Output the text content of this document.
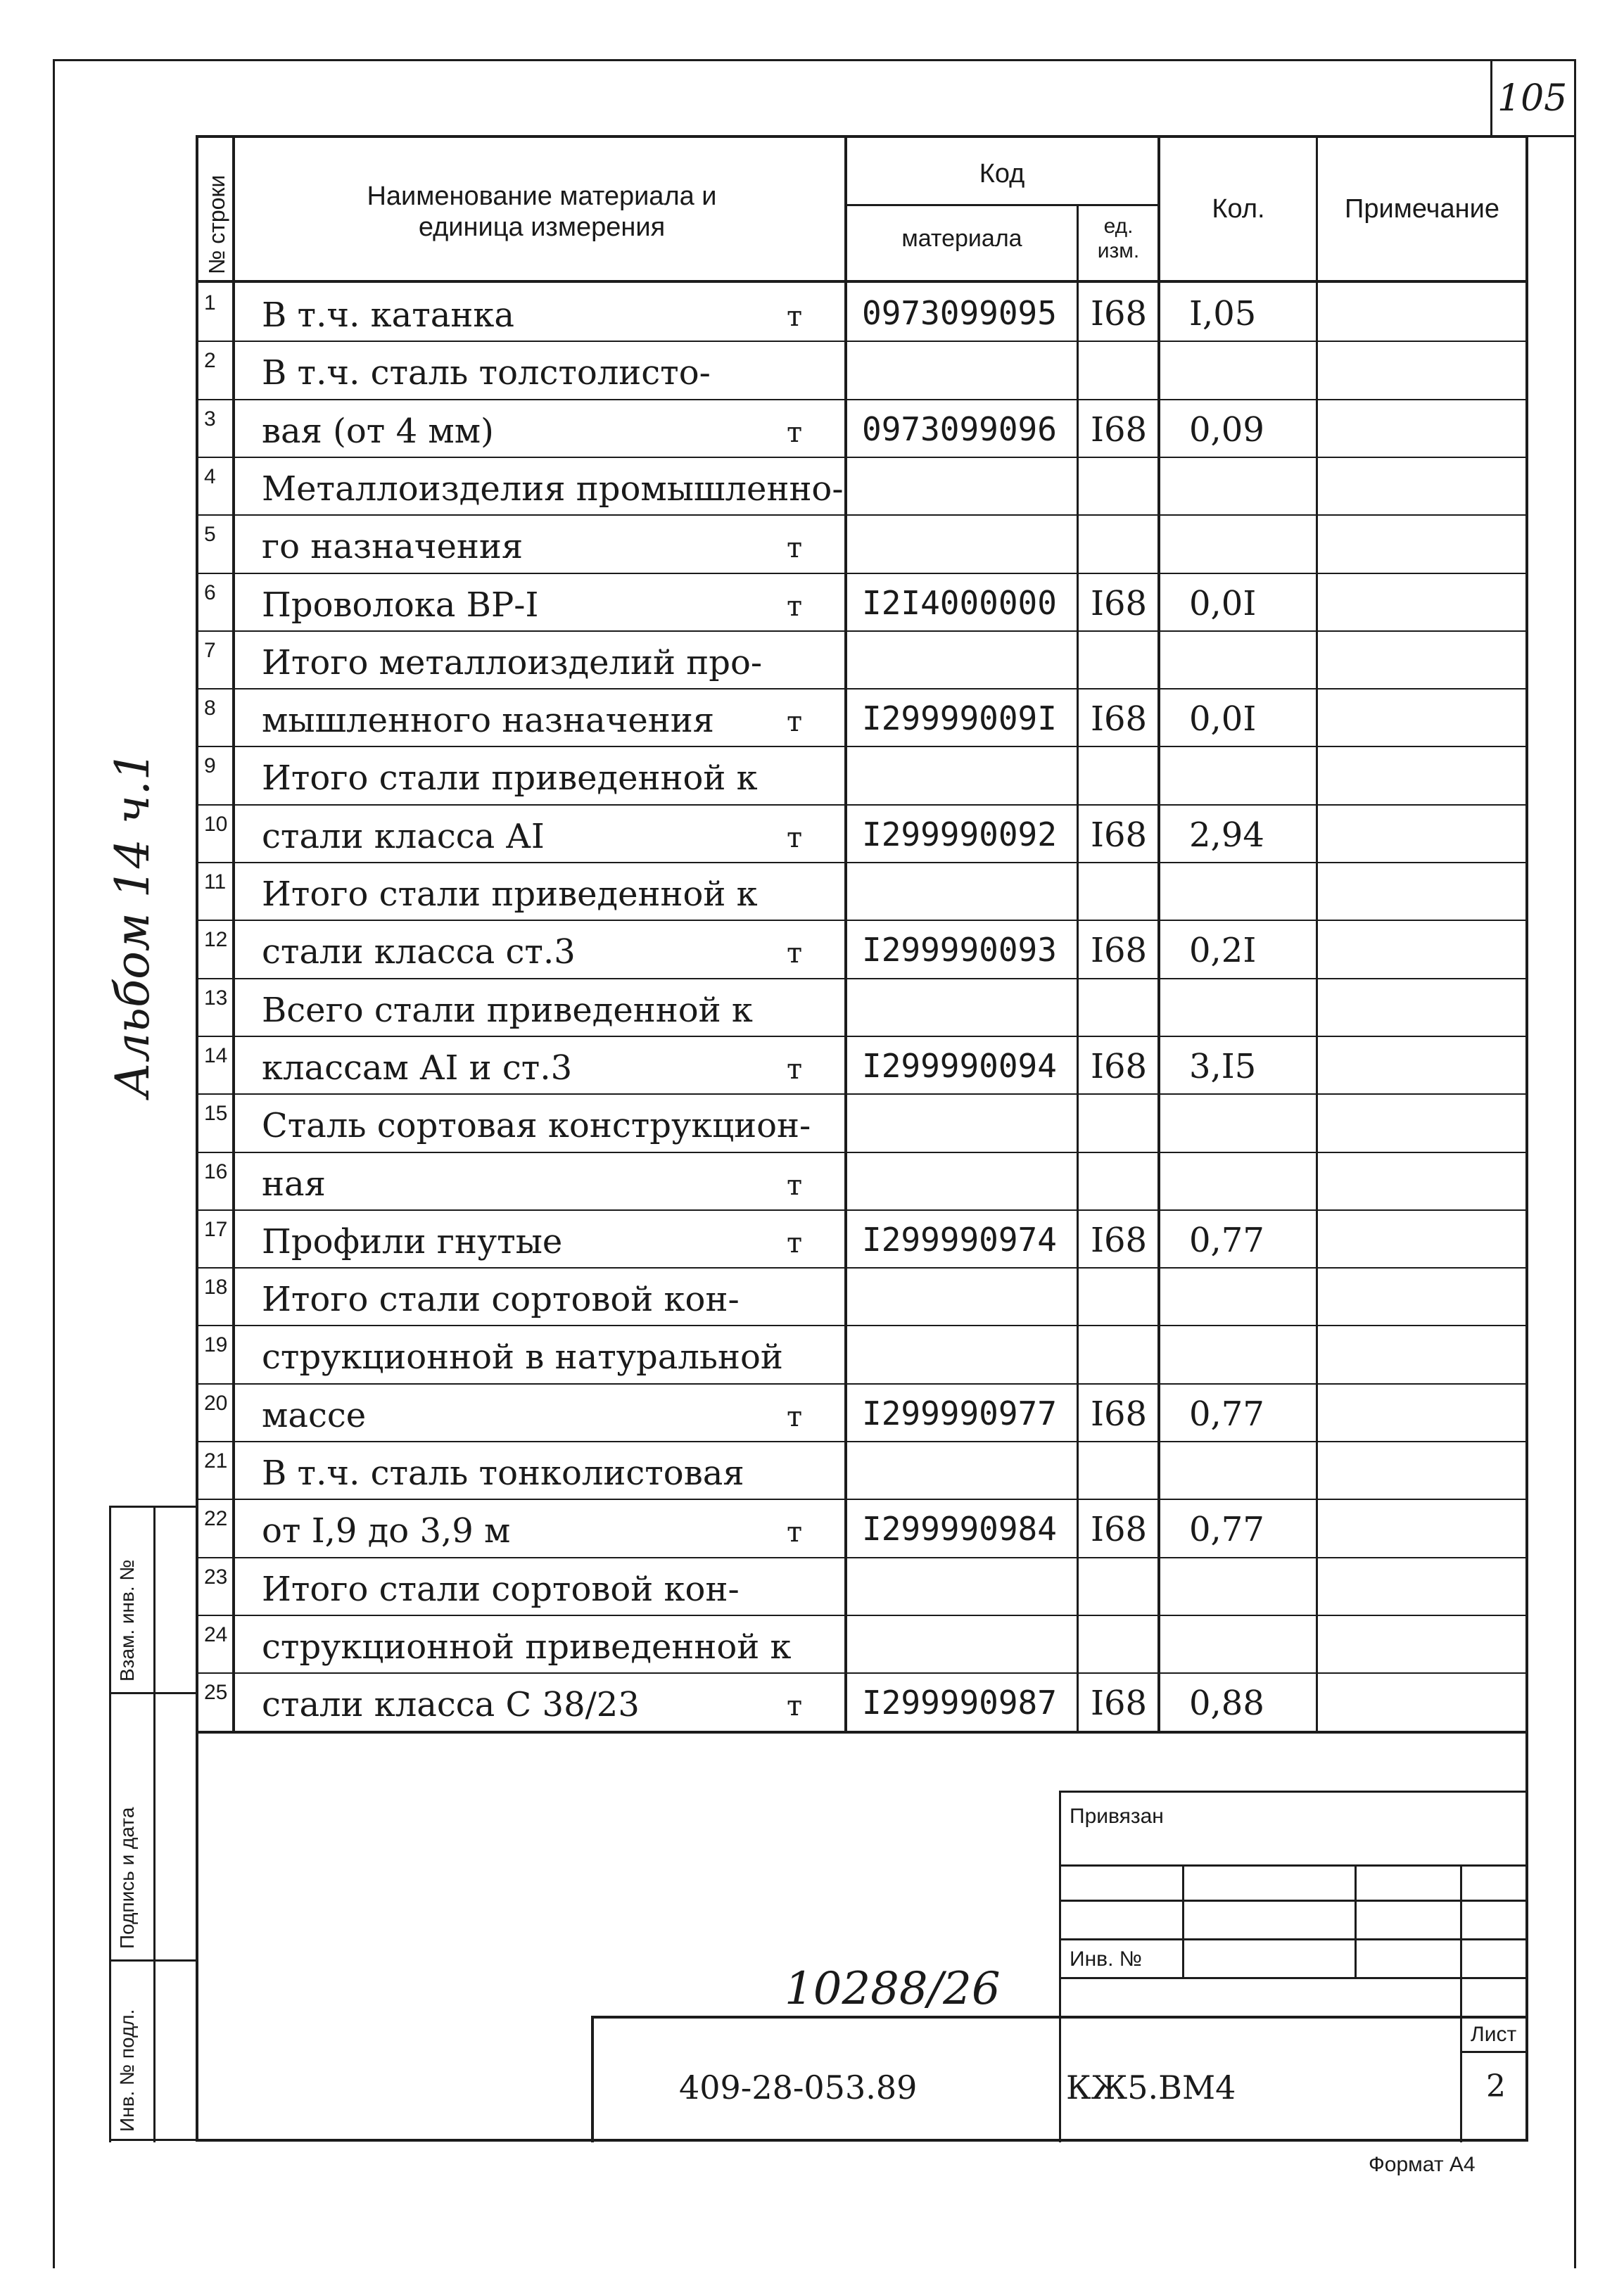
105
№ строки	Наименование материала и единица измерения
Код
материала	ед. изм.
Кол.	Примечание
1 В т.ч. катанка	т 0973099095 I68 I,05
2 В т.ч. сталь толстолисто-
3 вая (от 4 мм)	т 0973099096 I68 0,09
4 Металлоизделия промышленно-
5 го назначения	т
6 Проволока ВР-I	т I2I4000000 I68 0,0I
7 Итого металлоизделий про-
8 мышленного назначения	т I29999009I I68 0,0I
9 Итого стали приведенной к
10 стали класса АI	т I299990092 I68 2,94
11 Итого стали приведенной к
12 стали класса ст.3	т I299990093 I68 0,2I
13 Всего стали приведенной к
14 классам АI и ст.3	т I299990094 I68 3,I5
15 Сталь сортовая конструкцион-
16 ная	т
17 Профили гнутые	т I299990974 I68 0,77
18 Итого стали сортовой кон-
19 струкционной в натуральной
20 массе	т I299990977 I68 0,77
21 В т.ч. сталь тонколистовая
22 от I,9 до 3,9 м	т I299990984 I68 0,77
23 Итого стали сортовой кон-
24 струкционной приведенной к
25 стали класса С 38/23	т I299990987 I68 0,88
Привязан
Инв. №
Лист
2
409-28-053.89	КЖ5.ВМ4
Формат А4
10288/26
Взам. инв. №
Подпись и дата
Инв. № подл.
Альбом 14 ч.1
